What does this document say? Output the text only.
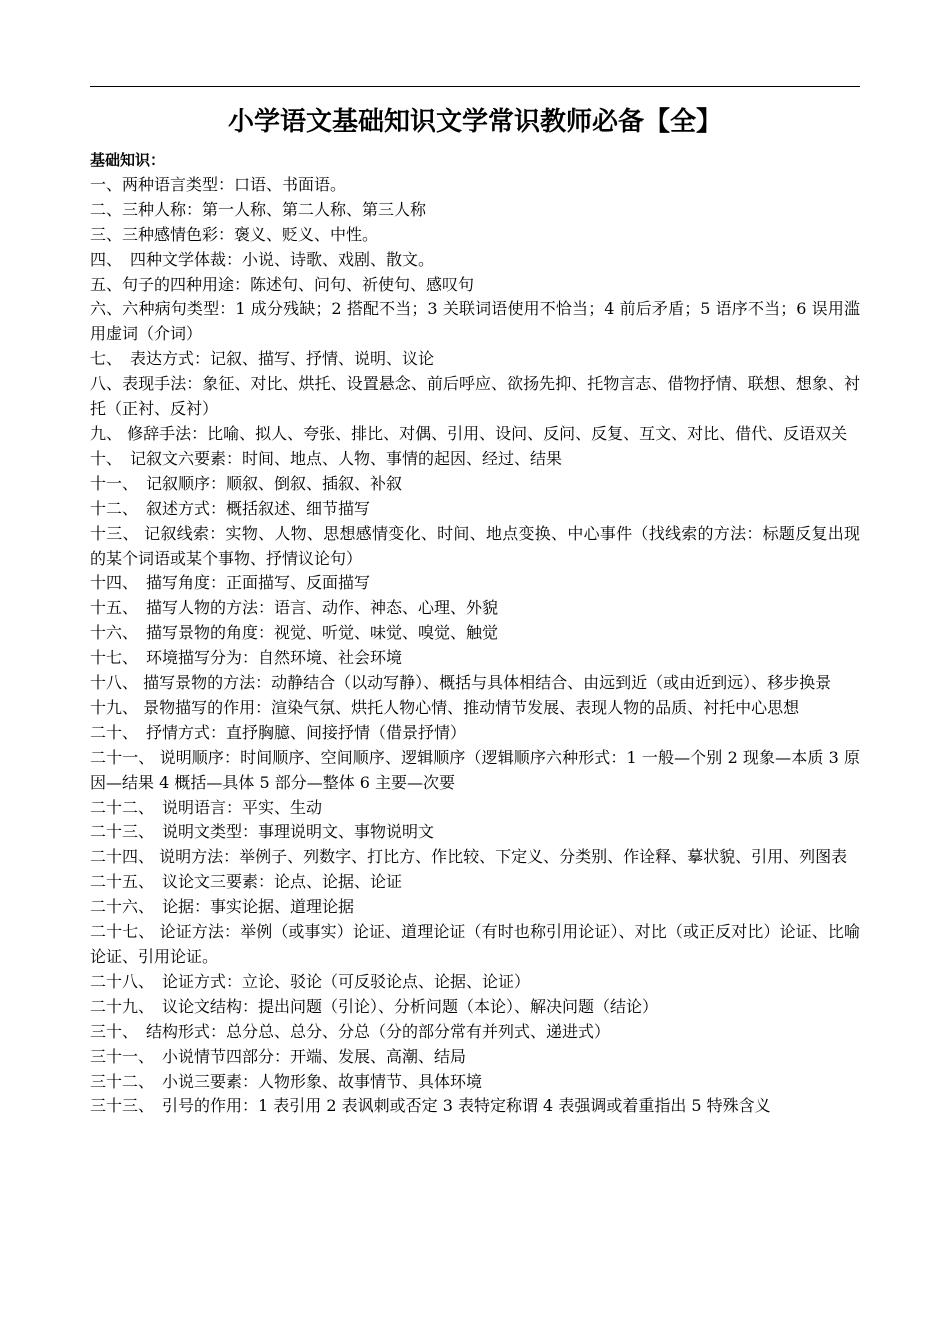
小学语文基础知识文学常识教师必备【全】
基础知识：
一、两种语言类型：口语、书面语。
二、三种人称：第一人称、第二人称、第三人称
三、三种感情色彩：褒义、贬义、中性。
四、　四种文学体裁：小说、诗歌、戏剧、散文。
五、句子的四种用途：陈述句、问句、祈使句、感叹句
六、六种病句类型：1 成分残缺；2 搭配不当；3 关联词语使用不恰当；4 前后矛盾；5 语序不当；6 误用滥用虚词（介词）
七、　表达方式：记叙、描写、抒情、说明、议论
八、表现手法：象征、对比、烘托、设置悬念、前后呼应、欲扬先抑、托物言志、借物抒情、联想、想象、衬托（正衬、反衬）
九、 修辞手法：比喻、拟人、夸张、排比、对偶、引用、设问、反问、反复、互文、对比、借代、反语双关
十、　记叙文六要素：时间、地点、人物、事情的起因、经过、结果
十一、　记叙顺序：顺叙、倒叙、插叙、补叙
十二、　叙述方式：概括叙述、细节描写
十三、 记叙线索：实物、人物、思想感情变化、时间、地点变换、中心事件（找线索的方法：标题反复出现的某个词语或某个事物、抒情议论句）
十四、　描写角度：正面描写、反面描写
十五、　描写人物的方法：语言、动作、神态、心理、外貌
十六、　描写景物的角度：视觉、听觉、味觉、嗅觉、触觉
十七、　环境描写分为：自然环境、社会环境
十八、 描写景物的方法：动静结合（以动写静）、概括与具体相结合、由远到近（或由近到远）、移步换景
十九、 景物描写的作用：渲染气氛、烘托人物心情、推动情节发展、表现人物的品质、衬托中心思想
二十、　抒情方式：直抒胸臆、间接抒情（借景抒情）
二十一、 说明顺序：时间顺序、空间顺序、逻辑顺序（逻辑顺序六种形式：1 一般—个别 2 现象—本质 3 原因—结果 4 概括—具体 5 部分—整体 6 主要—次要
二十二、　说明语言：平实、生动
二十三、　说明文类型：事理说明文、事物说明文
二十四、 说明方法：举例子、列数字、打比方、作比较、下定义、分类别、作诠释、摹状貌、引用、列图表
二十五、　议论文三要素：论点、论据、论证
二十六、　论据：事实论据、道理论据
二十七、 论证方法：举例（或事实）论证、道理论证（有时也称引用论证）、对比（或正反对比）论证、比喻论证、引用论证。
二十八、　论证方式：立论、驳论（可反驳论点、论据、论证）
二十九、　议论文结构：提出问题（引论）、分析问题（本论）、解决问题（结论）
三十、　结构形式：总分总、总分、分总（分的部分常有并列式、递进式）
三十一、　小说情节四部分：开端、发展、高潮、结局
三十二、　小说三要素：人物形象、故事情节、具体环境
三十三、　引号的作用：1 表引用 2 表讽刺或否定 3 表特定称谓 4 表强调或着重指出 5 特殊含义
